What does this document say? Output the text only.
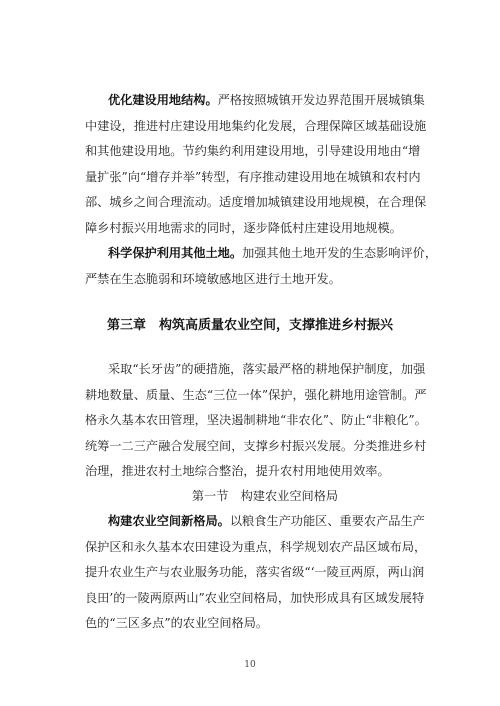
优化建设用地结构。严格按照城镇开发边界范围开展城镇集
中建设，推进村庄建设用地集约化发展，合理保障区域基础设施
和其他建设用地。节约集约利用建设用地，引导建设用地由“增
量扩张”向“增存并举”转型，有序推动建设用地在城镇和农村内
部、城乡之间合理流动。适度增加城镇建设用地规模，在合理保
障乡村振兴用地需求的同时，逐步降低村庄建设用地规模。
科学保护利用其他土地。加强其他土地开发的生态影响评价，
严禁在生态脆弱和环境敏感地区进行土地开发。
第三章　构筑高质量农业空间，支撑推进乡村振兴
采取“长牙齿”的硬措施，落实最严格的耕地保护制度，加强
耕地数量、质量、生态“三位一体”保护，强化耕地用途管制。严
格永久基本农田管理，坚决遏制耕地“非农化”、防止“非粮化”。
统筹一二三产融合发展空间，支撑乡村振兴发展。分类推进乡村
治理，推进农村土地综合整治，提升农村用地使用效率。
第一节　构建农业空间格局
构建农业空间新格局。以粮食生产功能区、重要农产品生产
保护区和永久基本农田建设为重点，科学规划农产品区域布局，
提升农业生产与农业服务功能，落实省级“‘一陵亘两原，两山润
良田’的一陵两原两山”农业空间格局，加快形成具有区域发展特
色的“三区多点”的农业空间格局。
10
